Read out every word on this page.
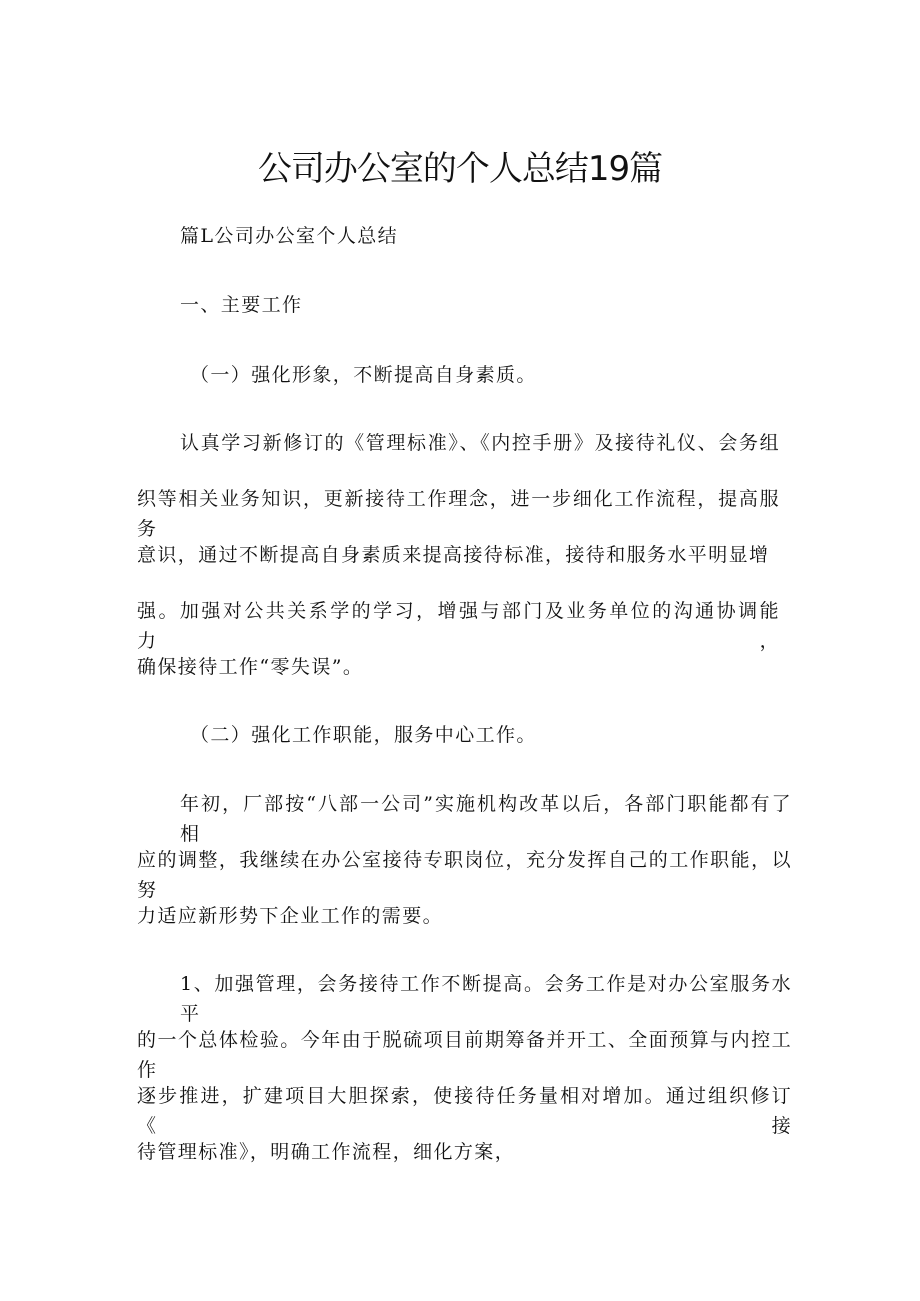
公司办公室的个人总结19篇
篇L公司办公室个人总结
一、主要工作
（一）强化形象，不断提高自身素质。
认真学习新修订的《管理标准》、《内控手册》及接待礼仪、会务组
织等相关业务知识，更新接待工作理念，进一步细化工作流程，提高服务
意识，通过不断提高自身素质来提高接待标准，接待和服务水平明显增
强。加强对公共关系学的学习，增强与部门及业务单位的沟通协调能力，
确保接待工作“零失误”。
（二）强化工作职能，服务中心工作。
年初，厂部按“八部一公司”实施机构改革以后，各部门职能都有了相
应的调整，我继续在办公室接待专职岗位，充分发挥自己的工作职能，以努
力适应新形势下企业工作的需要。
1、加强管理，会务接待工作不断提高。会务工作是对办公室服务水平
的一个总体检验。今年由于脱硫项目前期筹备并开工、全面预算与内控工作
逐步推进，扩建项目大胆探索，使接待任务量相对增加。通过组织修订《接
待管理标准》，明确工作流程，细化方案，
